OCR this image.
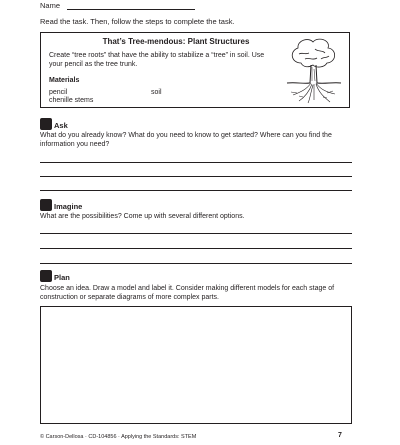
Name
Read the task. Then, follow the steps to complete the task.
That’s Tree-mendous: Plant Structures
Create “tree roots” that have the ability to stabilize a “tree” in soil. Use your pencil as the tree trunk.
Materials
pencil
chenille stems
soil
Ask
What do you already know? What do you need to know to get started? Where can you find the information you need?
Imagine
What are the possibilities? Come up with several different options.
Plan
Choose an idea. Draw a model and label it. Consider making different models for each stage of construction or separate diagrams of more complex parts.
© Carson-Dellosa · CD-104856 · Applying the Standards: STEM	7
